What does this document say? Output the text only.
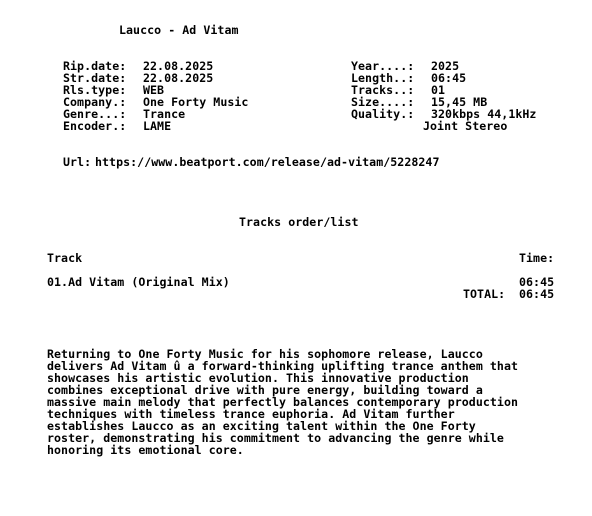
Laucco - Ad Vitam
Rip.date:
Str.date:
Rls.type:
Company.:
Genre...:
Encoder.:
22.08.2025
22.08.2025
WEB
One Forty Music
Trance
LAME
Year....:
Length..:
Tracks..:
Size....:
Quality.:
2025
06:45
01
15,45 MB
320kbps 44,1kHz
Joint Stereo
Url: https://www.beatport.com/release/ad-vitam/5228247
Tracks order/list
Track	Time:
01.Ad Vitam (Original Mix)	06:45
TOTAL: 06:45
Returning to One Forty Music for his sophomore release, Laucco
delivers Ad Vitam û a forward-thinking uplifting trance anthem that
showcases his artistic evolution. This innovative production
combines exceptional drive with pure energy, building toward a
massive main melody that perfectly balances contemporary production
techniques with timeless trance euphoria. Ad Vitam further
establishes Laucco as an exciting talent within the One Forty
roster, demonstrating his commitment to advancing the genre while
honoring its emotional core.
